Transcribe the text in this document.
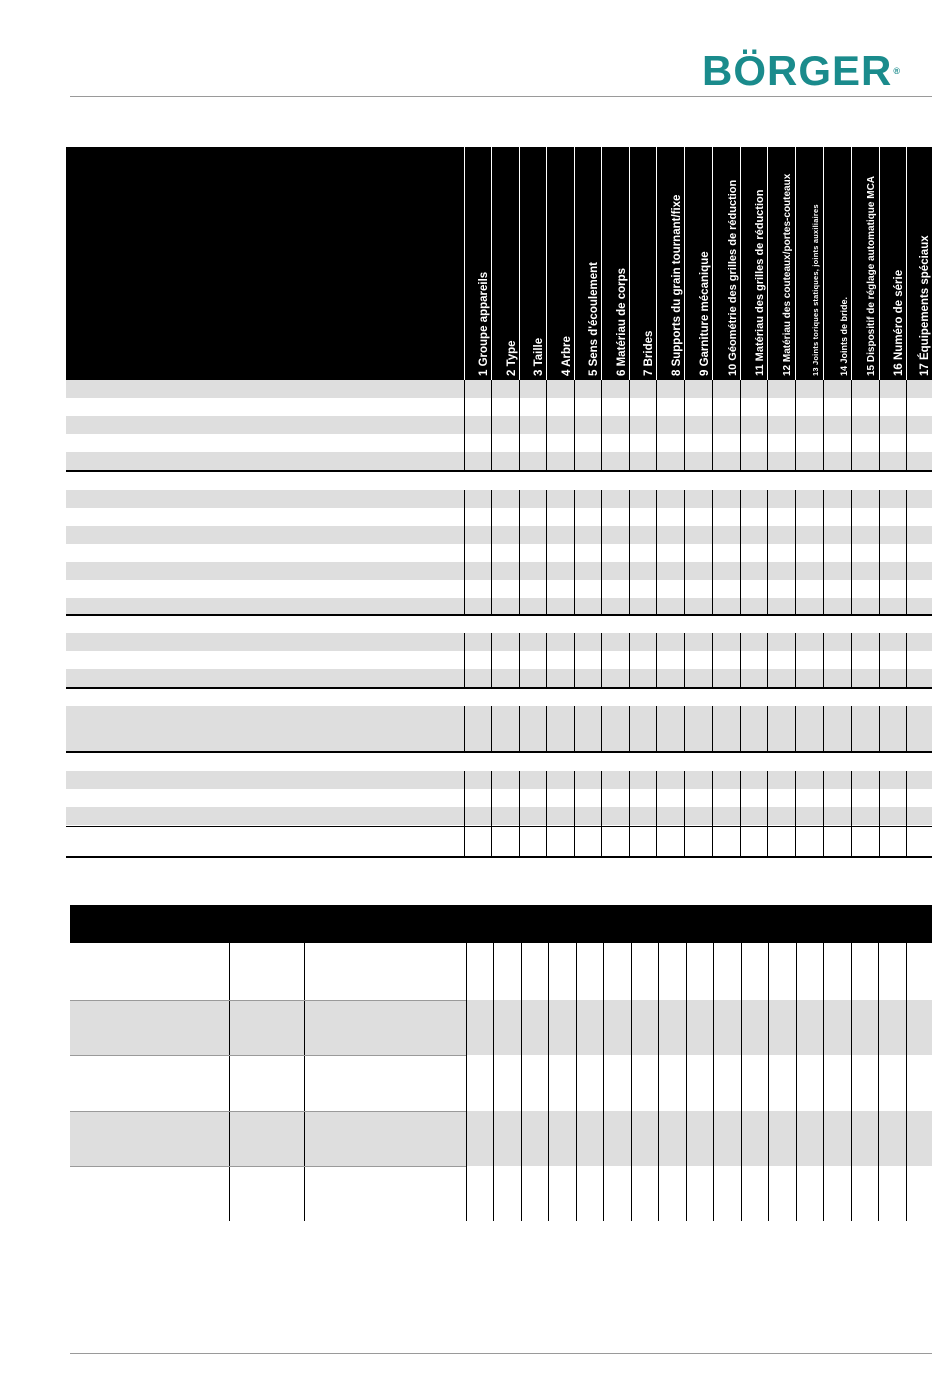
BÖRGER®
1 Groupe appareils 2 Type 3 Taille 4 Arbre 5 Sens d'écoulement 6 Matériau de corps 7 Brides 8 Supports du grain tournant/fixe 9 Garniture mécanique 10 Géométrie des grilles de réduction 11 Matériau des grilles de réduction 12 Matériau des couteaux/portes-couteaux 13 Joints toriques statiques, joints auxiliaires	14 Joints de bride. 15 Dispositif de réglage automatique MCA 16 Numéro de série 17 Équipements spéciaux
